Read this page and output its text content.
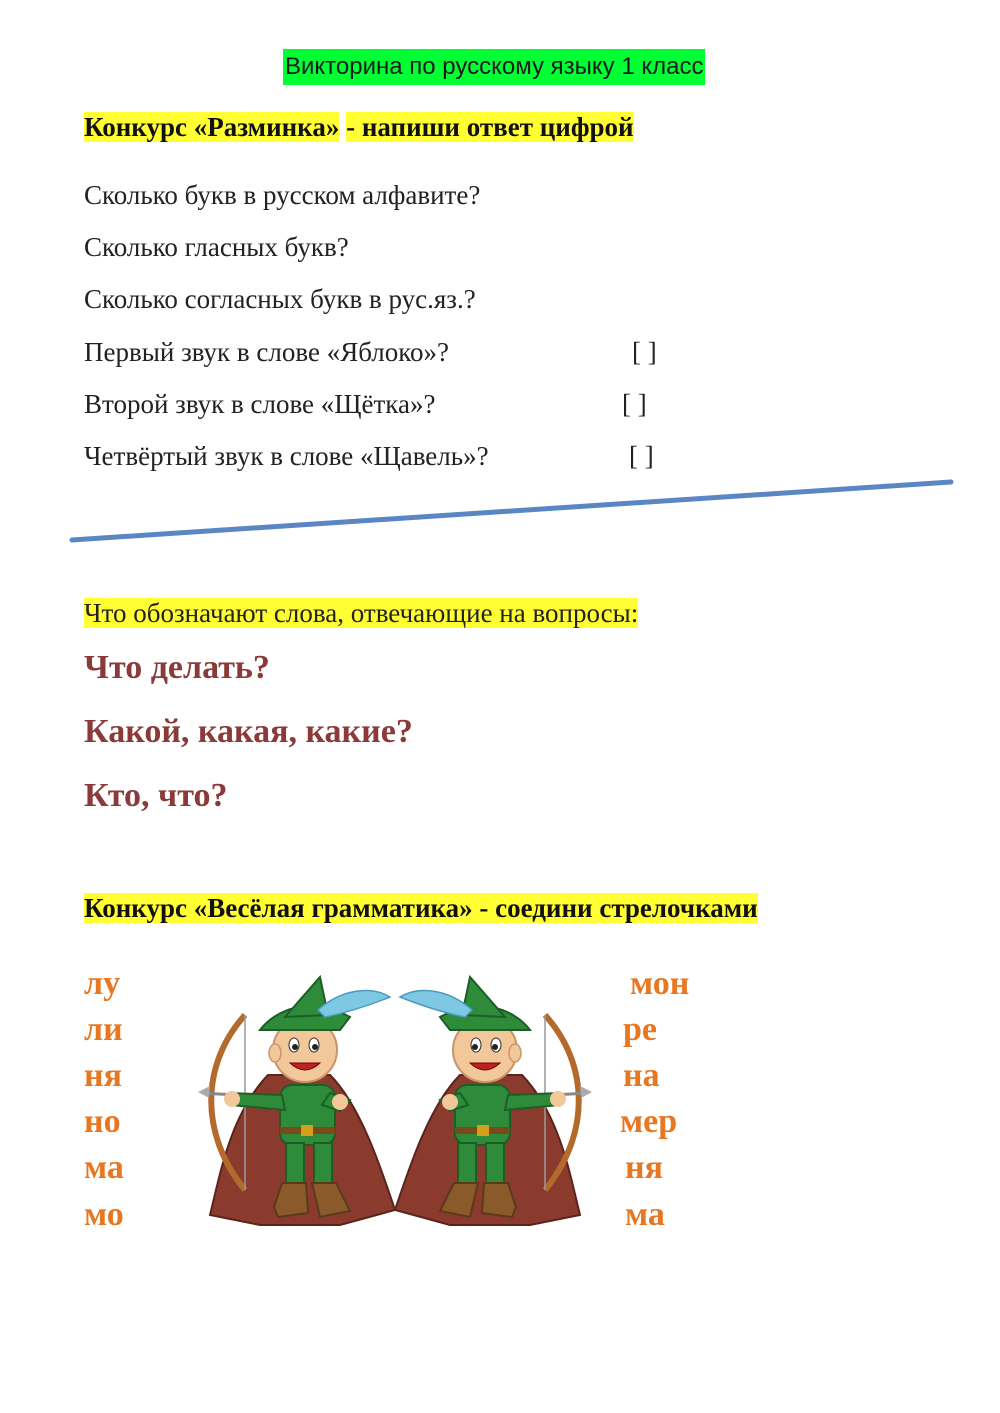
Викторина по русскому языку 1 класс
Конкурс «Разминка» - напиши ответ цифрой
Сколько букв в русском алфавите?
Сколько гласных букв?
Сколько согласных букв в рус.яз.?
Первый звук в слове «Яблоко»?
Второй звук в слове «Щётка»?
Четвёртый звук в слове «Щавель»?
[ ]
[ ]
[ ]
Что обозначают слова, отвечающие на вопросы:
Что делать?
Какой, какая, какие?
Кто, что?
Конкурс «Весёлая грамматика» - соедини стрелочками
лу
ли
ня
но
ма
мо
мон
ре
на
мер
ня
ма
